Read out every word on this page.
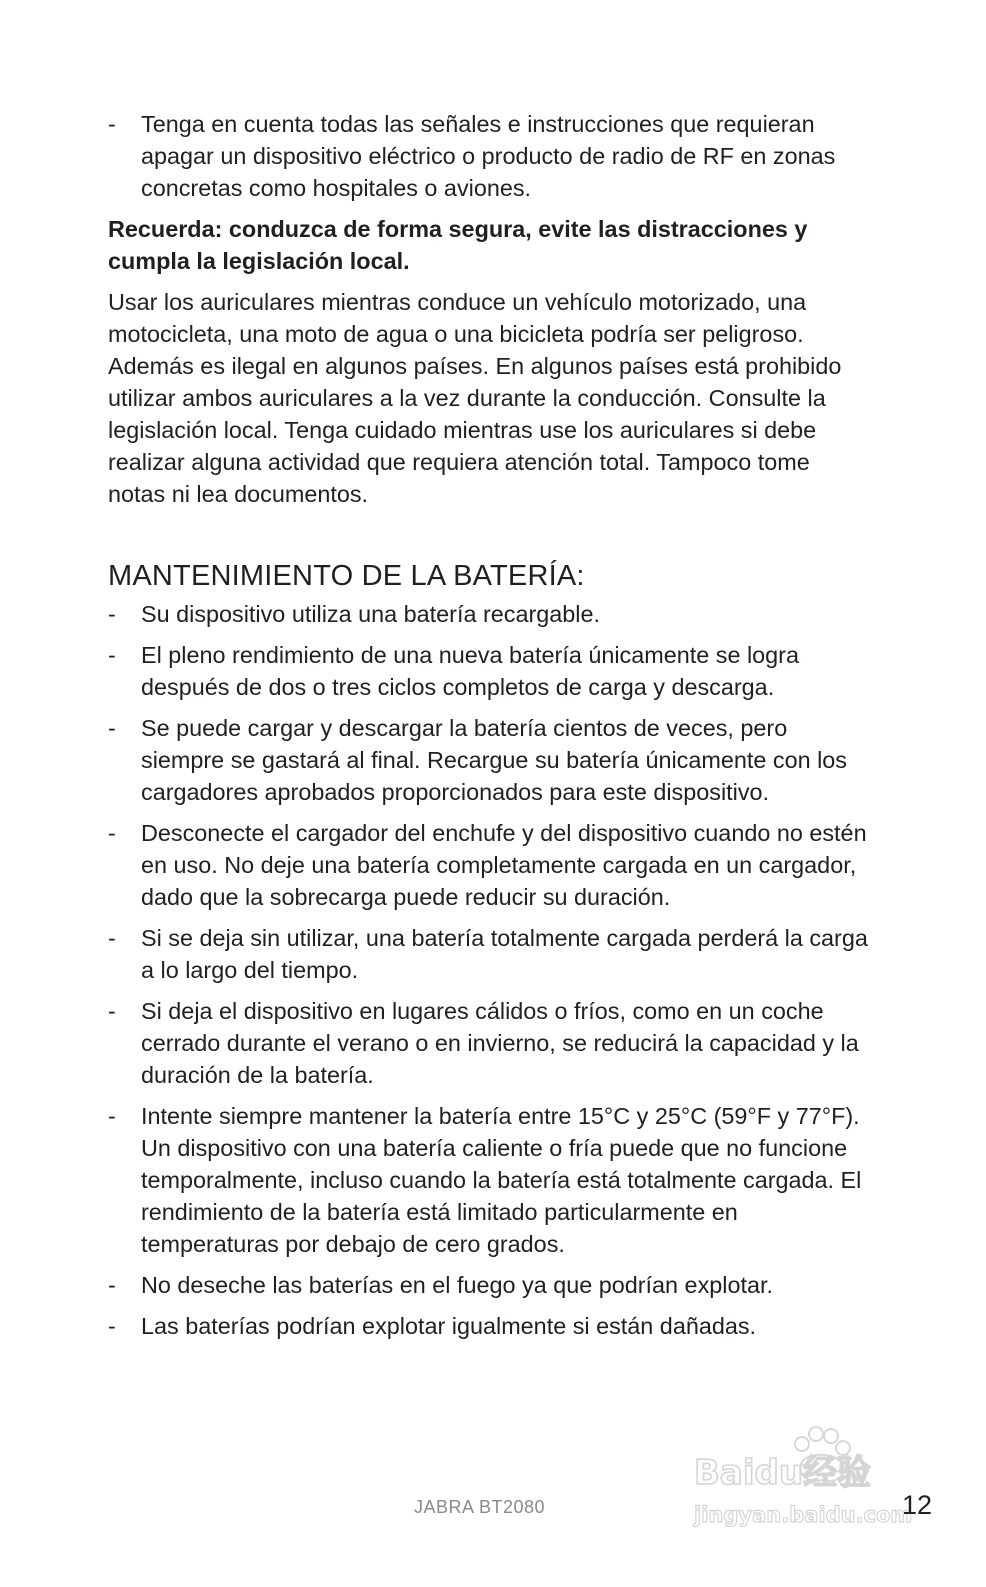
- Tenga en cuenta todas las señales e instrucciones que requieran apagar un dispositivo eléctrico o producto de radio de RF en zonas concretas como hospitales o aviones.

Recuerda: conduzca de forma segura, evite las distracciones y cumpla la legislación local.

Usar los auriculares mientras conduce un vehículo motorizado, una motocicleta, una moto de agua o una bicicleta podría ser peligroso. Además es ilegal en algunos países. En algunos países está prohibido utilizar ambos auriculares a la vez durante la conducción. Consulte la legislación local. Tenga cuidado mientras use los auriculares si debe realizar alguna actividad que requiera atención total. Tampoco tome notas ni lea documentos.

MANTENIMIENTO DE LA BATERÍA:
- Su dispositivo utiliza una batería recargable.
- El pleno rendimiento de una nueva batería únicamente se logra después de dos o tres ciclos completos de carga y descarga.
- Se puede cargar y descargar la batería cientos de veces, pero siempre se gastará al final. Recargue su batería únicamente con los cargadores aprobados proporcionados para este dispositivo.
- Desconecte el cargador del enchufe y del dispositivo cuando no estén en uso. No deje una batería completamente cargada en un cargador, dado que la sobrecarga puede reducir su duración.
- Si se deja sin utilizar, una batería totalmente cargada perderá la carga a lo largo del tiempo.
- Si deja el dispositivo en lugares cálidos o fríos, como en un coche cerrado durante el verano o en invierno, se reducirá la capacidad y la duración de la batería.
- Intente siempre mantener la batería entre 15°C y 25°C (59°F y 77°F). Un dispositivo con una batería caliente o fría puede que no funcione temporalmente, incluso cuando la batería está totalmente cargada. El rendimiento de la batería está limitado particularmente en temperaturas por debajo de cero grados.
- No deseche las baterías en el fuego ya que podrían explotar.
- Las baterías podrían explotar igualmente si están dañadas.
Baidu经验
jingyan.baidu.com
JABRA BT2080	12
